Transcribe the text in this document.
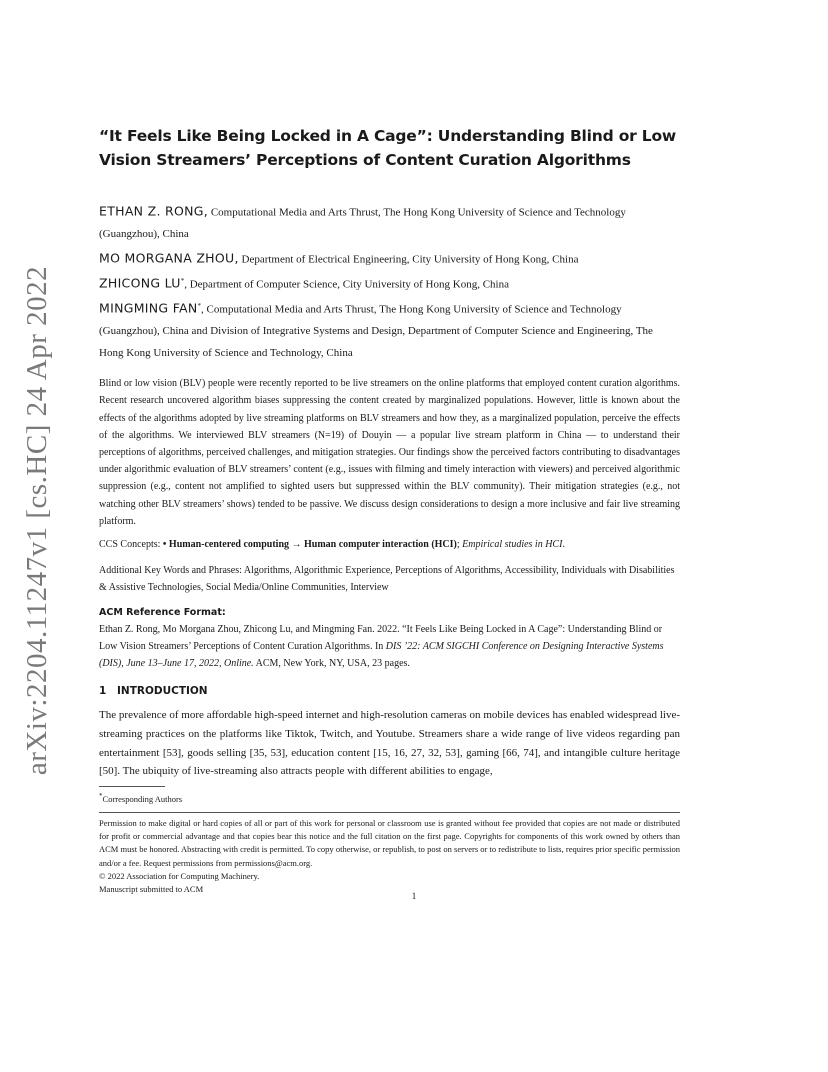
arXiv:2204.11247v1 [cs.HC] 24 Apr 2022
“It Feels Like Being Locked in A Cage”: Understanding Blind or Low Vision Streamers’ Perceptions of Content Curation Algorithms

ETHAN Z. RONG, Computational Media and Arts Thrust, The Hong Kong University of Science and Technology (Guangzhou), China

MO MORGANA ZHOU, Department of Electrical Engineering, City University of Hong Kong, China

ZHICONG LU*, Department of Computer Science, City University of Hong Kong, China

MINGMING FAN*, Computational Media and Arts Thrust, The Hong Kong University of Science and Technology (Guangzhou), China and Division of Integrative Systems and Design, Department of Computer Science and Engineering, The Hong Kong University of Science and Technology, China

Blind or low vision (BLV) people were recently reported to be live streamers on the online platforms that employed content curation algorithms. Recent research uncovered algorithm biases suppressing the content created by marginalized populations. However, little is known about the effects of the algorithms adopted by live streaming platforms on BLV streamers and how they, as a marginalized population, perceive the effects of the algorithms. We interviewed BLV streamers (N=19) of Douyin — a popular live stream platform in China — to understand their perceptions of algorithms, perceived challenges, and mitigation strategies. Our findings show the perceived factors contributing to disadvantages under algorithmic evaluation of BLV streamers’ content (e.g., issues with filming and timely interaction with viewers) and perceived algorithmic suppression (e.g., content not amplified to sighted users but suppressed within the BLV community). Their mitigation strategies (e.g., not watching other BLV streamers’ shows) tended to be passive. We discuss design considerations to design a more inclusive and fair live streaming platform.
CCS Concepts: • Human-centered computing → Human computer interaction (HCI); Empirical studies in HCI.
Additional Key Words and Phrases: Algorithms, Algorithmic Experience, Perceptions of Algorithms, Accessibility, Individuals with Disabilities & Assistive Technologies, Social Media/Online Communities, Interview
ACM Reference Format:
Ethan Z. Rong, Mo Morgana Zhou, Zhicong Lu, and Mingming Fan. 2022. “It Feels Like Being Locked in A Cage”: Understanding Blind or Low Vision Streamers’ Perceptions of Content Curation Algorithms. In DIS ’22: ACM SIGCHI Conference on Designing Interactive Systems (DIS), June 13–June 17, 2022, Online. ACM, New York, NY, USA, 23 pages.
1 INTRODUCTION
The prevalence of more affordable high-speed internet and high-resolution cameras on mobile devices has enabled widespread live-streaming practices on the platforms like Tiktok, Twitch, and Youtube. Streamers share a wide range of live videos regarding pan entertainment [53], goods selling [35, 53], education content [15, 16, 27, 32, 53], gaming [66, 74], and intangible culture heritage [50]. The ubiquity of live-streaming also attracts people with different abilities to engage,
*Corresponding Authors
Permission to make digital or hard copies of all or part of this work for personal or classroom use is granted without fee provided that copies are not made or distributed for profit or commercial advantage and that copies bear this notice and the full citation on the first page. Copyrights for components of this work owned by others than ACM must be honored. Abstracting with credit is permitted. To copy otherwise, or republish, to post on servers or to redistribute to lists, requires prior specific permission and/or a fee. Request permissions from permissions@acm.org.
© 2022 Association for Computing Machinery.
Manuscript submitted to ACM
1
